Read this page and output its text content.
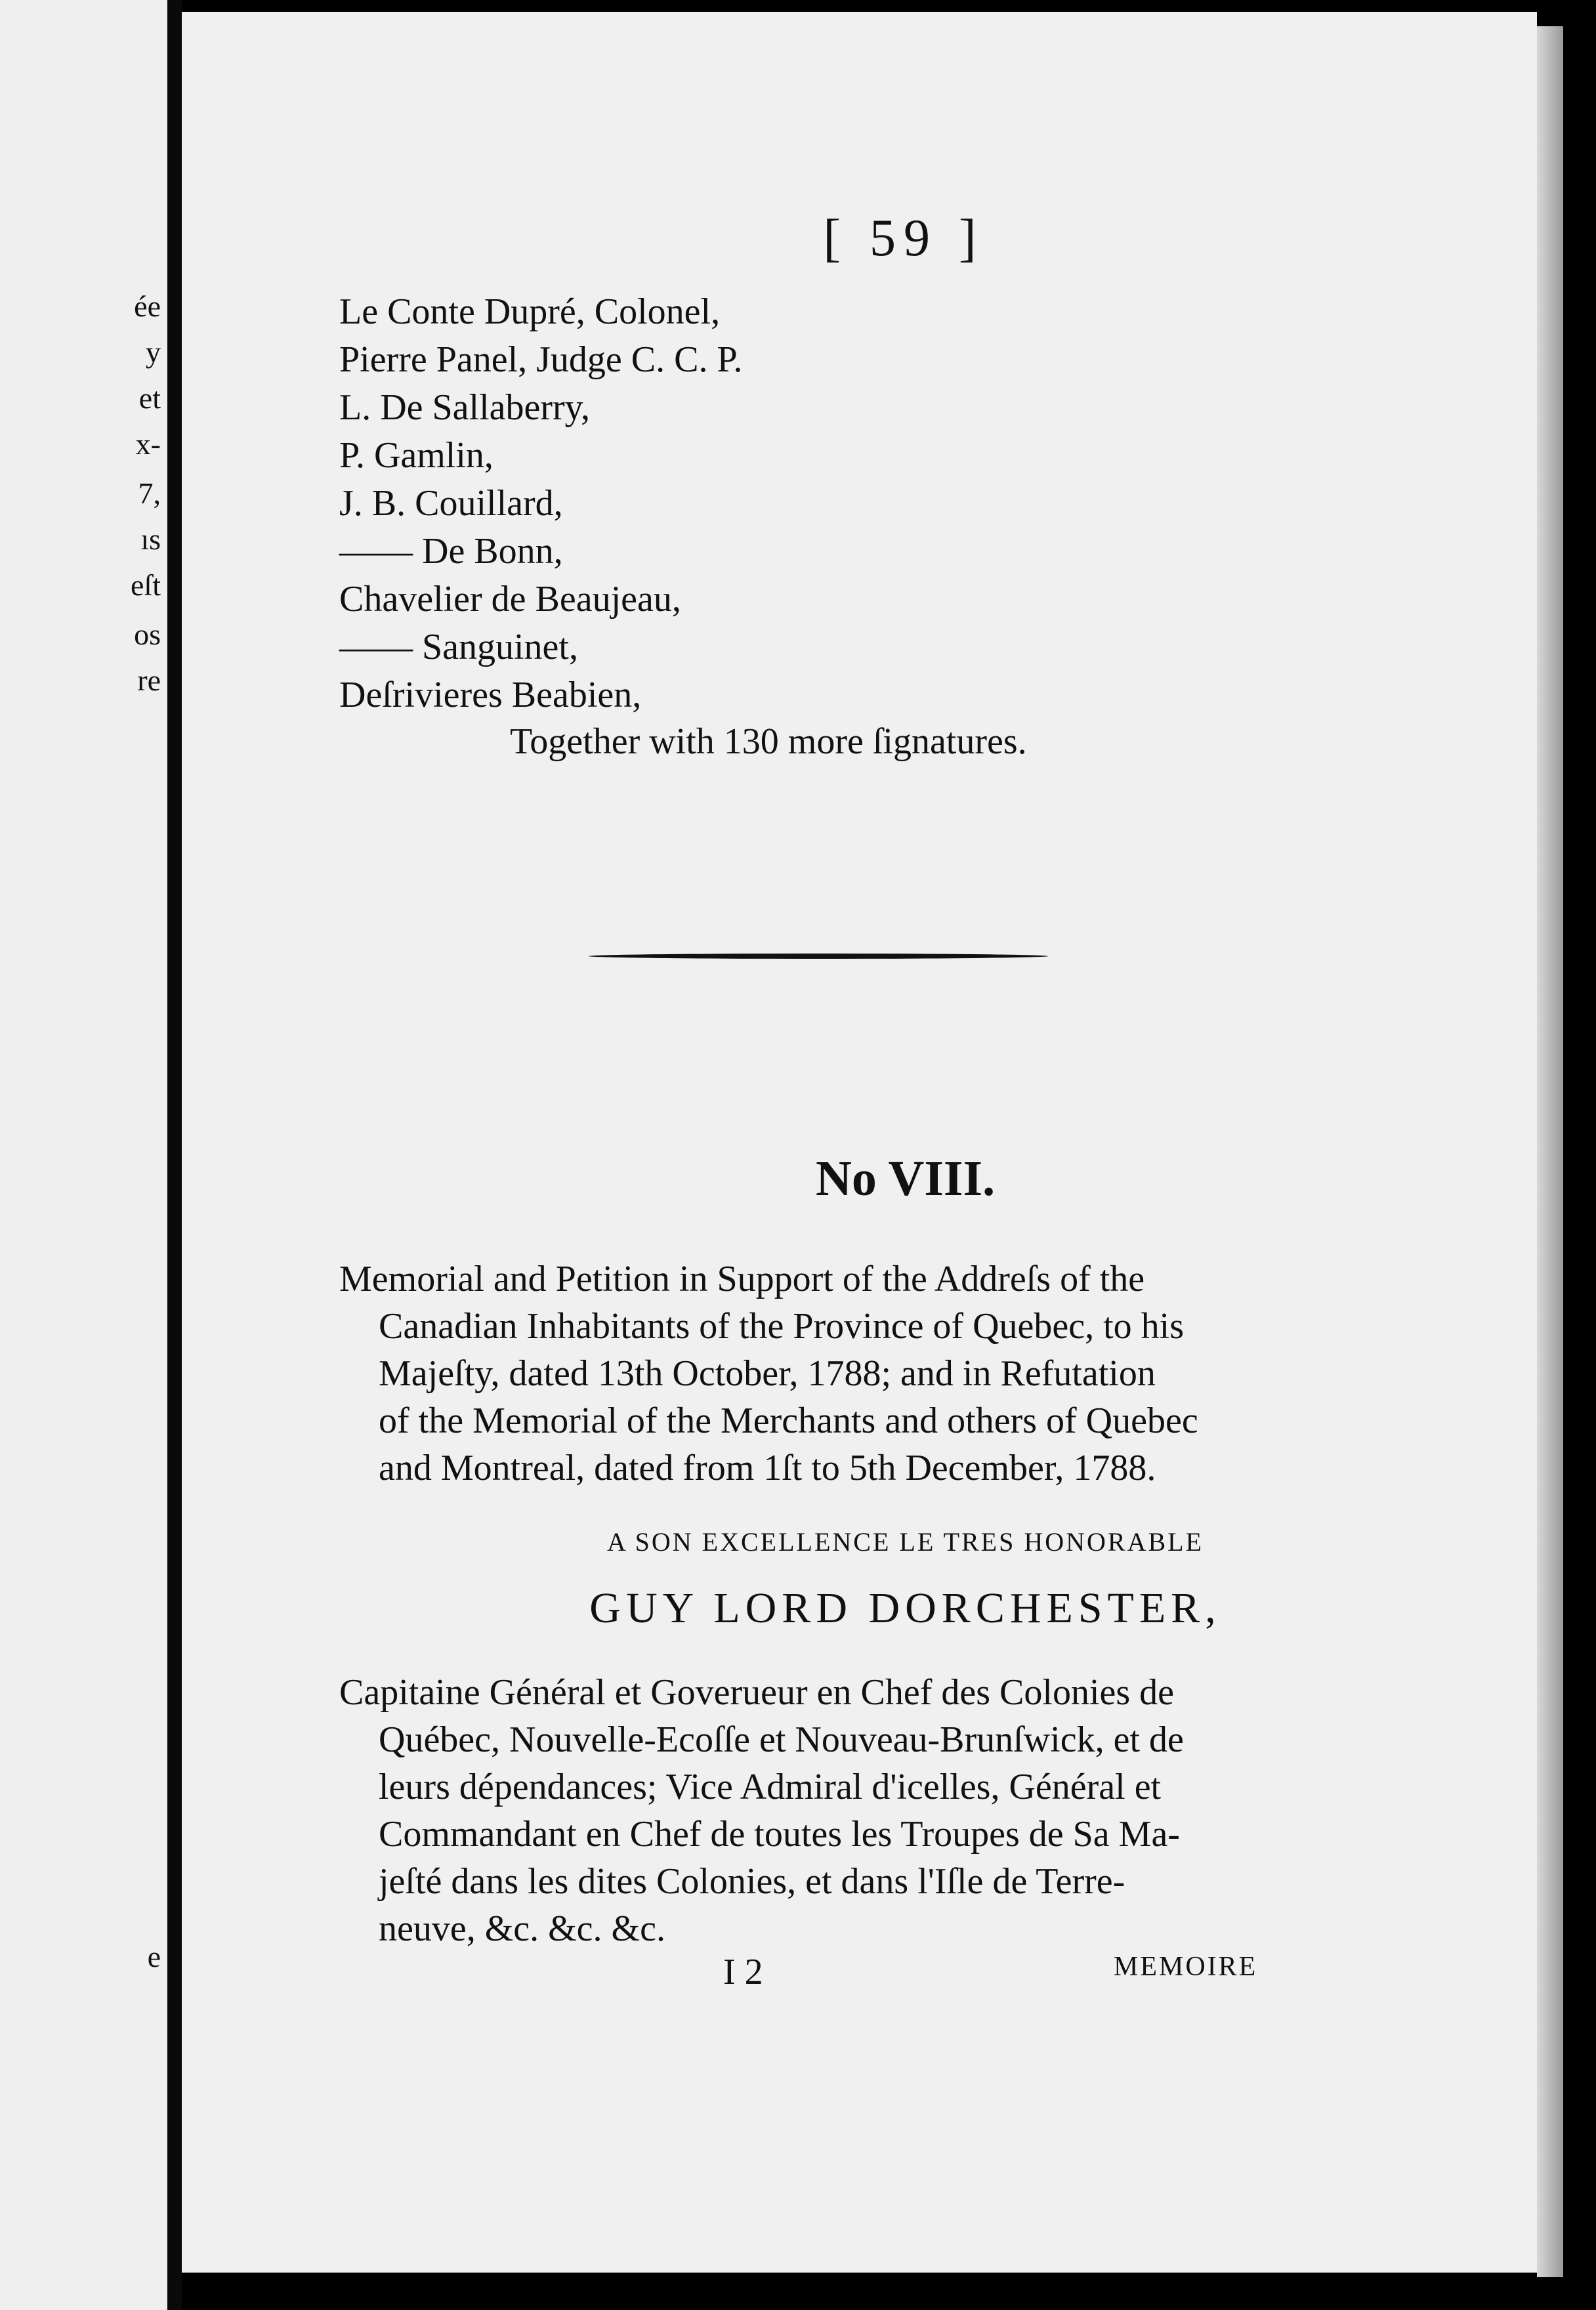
ée
y
et
x-
7,
ıs
eſt
os
re
e
[ 59 ]
Le Conte Dupré, Colonel,
Pierre Panel, Judge C. C. P.
L. De Sallaberry,
P. Gamlin,
J. B. Couillard,
—— De Bonn,
Chavelier de Beaujeau,
—— Sanguinet,
Deſrivieres Beabien,
Together with 130 more ſignatures.
No VIII.
Memorial and Petition in Support of the Addreſs of the
Canadian Inhabitants of the Province of Quebec, to his
Majeſty, dated 13th October, 1788; and in Refutation
of the Memorial of the Merchants and others of Quebec
and Montreal, dated from 1ſt to 5th December, 1788.
A SON EXCELLENCE LE TRES HONORABLE
GUY LORD DORCHESTER,
Capitaine Général et Goverueur en Chef des Colonies de
Québec, Nouvelle-Ecoſſe et Nouveau-Brunſwick, et de
leurs dépendances; Vice Admiral d'icelles, Général et
Commandant en Chef de toutes les Troupes de Sa Ma-
jeſté dans les dites Colonies, et dans l'Iſle de Terre-
neuve, &c. &c. &c.
I 2	MEMOIRE
